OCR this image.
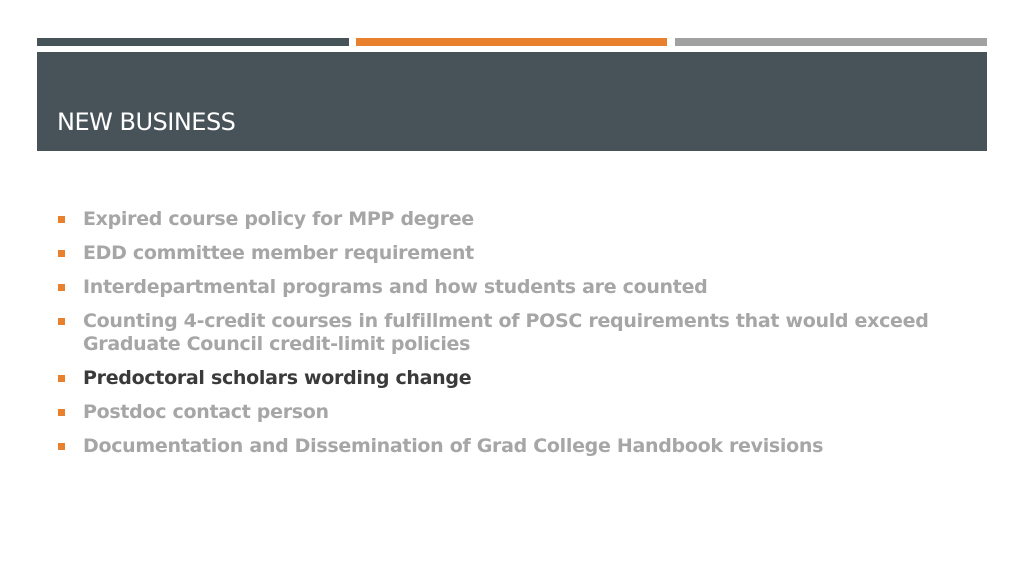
NEW BUSINESS
Expired course policy for MPP degree
EDD committee member requirement
Interdepartmental programs and how students are counted
Counting 4-credit courses in fulfillment of POSC requirements that would exceed Graduate Council credit-limit policies
Predoctoral scholars wording change
Postdoc contact person
Documentation and Dissemination of Grad College Handbook revisions
